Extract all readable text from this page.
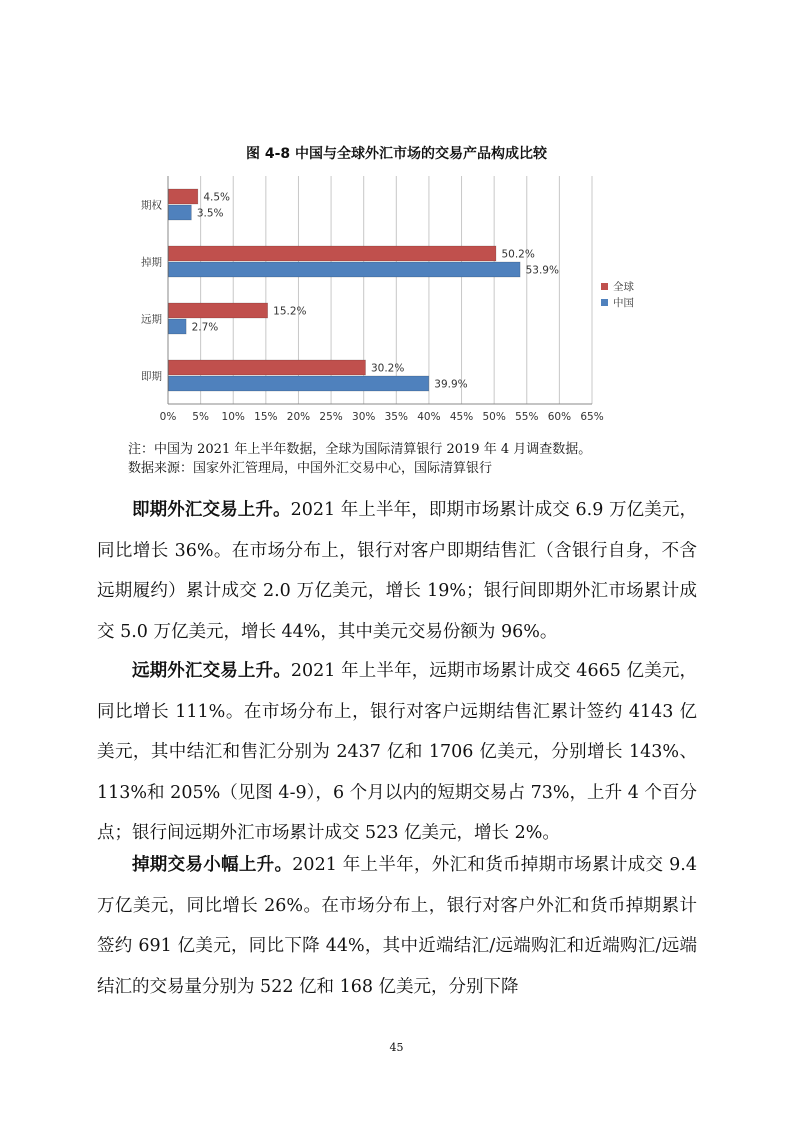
图 4-8 中国与全球外汇市场的交易产品构成比较
0% 5% 10% 15% 20% 25% 30% 35% 40% 45% 50% 55% 60% 65%
期权
4.5%
3.5%
掉期
50.2%
53.9%
远期
15.2%
2.7%
即期
30.2%
39.9%
全球
中国
注：中国为 2021 年上半年数据，全球为国际清算银行 2019 年 4 月调查数据。
数据来源：国家外汇管理局，中国外汇交易中心，国际清算银行

即期外汇交易上升。2021 年上半年，即期市场累计成交 6.9 万亿美元，同比增长 36%。在市场分布上，银行对客户即期结售汇（含银行自身，不含远期履约）累计成交 2.0 万亿美元，增长 19%；银行间即期外汇市场累计成交 5.0 万亿美元，增长 44%，其中美元交易份额为 96%。

远期外汇交易上升。2021 年上半年，远期市场累计成交 4665 亿美元，同比增长 111%。在市场分布上，银行对客户远期结售汇累计签约 4143 亿美元，其中结汇和售汇分别为 2437 亿和 1706 亿美元，分别增长 143%、113%和 205%（见图 4-9），6 个月以内的短期交易占 73%，上升 4 个百分点；银行间远期外汇市场累计成交 523 亿美元，增长 2%。

掉期交易小幅上升。2021 年上半年，外汇和货币掉期市场累计成交 9.4 万亿美元，同比增长 26%。在市场分布上，银行对客户外汇和货币掉期累计签约 691 亿美元，同比下降 44%，其中近端结汇/远端购汇和近端购汇/远端结汇的交易量分别为 522 亿和 168 亿美元，分别下降

45
